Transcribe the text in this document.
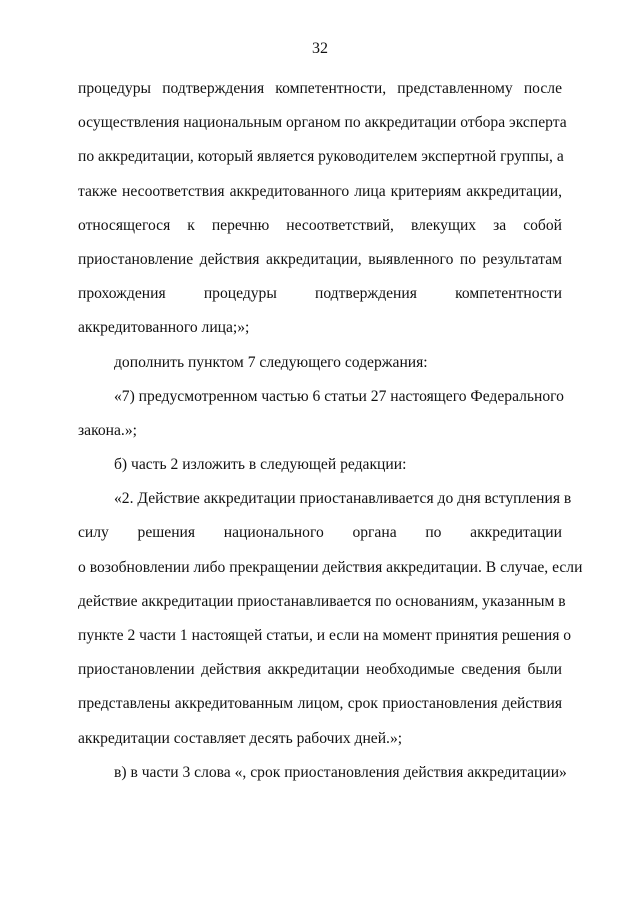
32
процедуры подтверждения компетентности, представленному после
осуществления национальным органом по аккредитации отбора эксперта
по аккредитации, который является руководителем экспертной группы, а
также несоответствия аккредитованного лица критериям аккредитации,
относящегося к перечню несоответствий, влекущих за собой
приостановление действия аккредитации, выявленного по результатам
прохождения процедуры подтверждения компетентности
аккредитованного лица;»;
дополнить пунктом 7 следующего содержания:
«7) предусмотренном частью 6 статьи 27 настоящего Федерального
закона.»;
б) часть 2 изложить в следующей редакции:
«2. Действие аккредитации приостанавливается до дня вступления в
силу решения национального органа по аккредитации
о возобновлении либо прекращении действия аккредитации. В случае, если
действие аккредитации приостанавливается по основаниям, указанным в
пункте 2 части 1 настоящей статьи, и если на момент принятия решения о
приостановлении действия аккредитации необходимые сведения были
представлены аккредитованным лицом, срок приостановления действия
аккредитации составляет десять рабочих дней.»;
в) в части 3 слова «, срок приостановления действия аккредитации»
